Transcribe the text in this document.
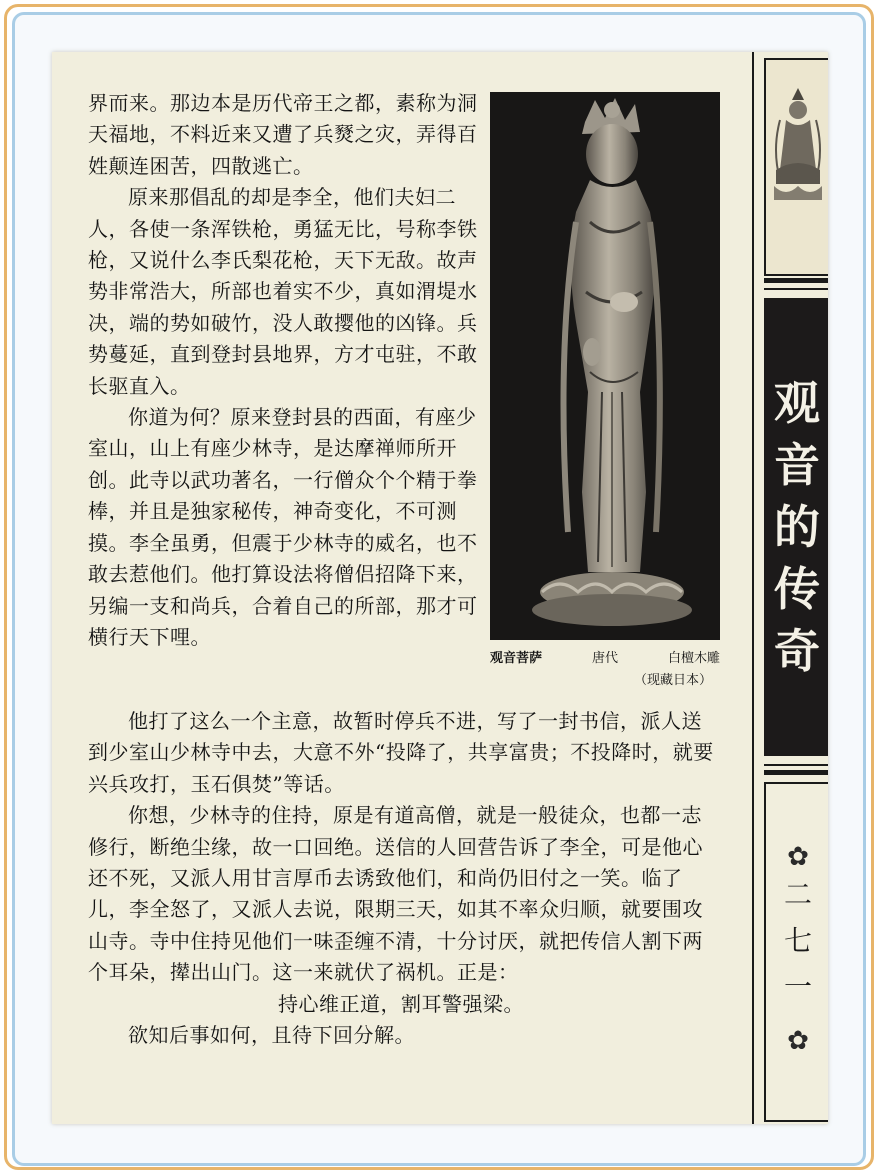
界而来。那边本是历代帝王之都，素称为洞天福地，不料近来又遭了兵燹之灾，弄得百姓颠连困苦，四散逃亡。

原来那倡乱的却是李全，他们夫妇二人，各使一条浑铁枪，勇猛无比，号称李铁枪，又说什么李氏梨花枪，天下无敌。故声势非常浩大，所部也着实不少，真如渭堤水决，端的势如破竹，没人敢撄他的凶锋。兵势蔓延，直到登封县地界，方才屯驻，不敢长驱直入。

你道为何？原来登封县的西面，有座少室山，山上有座少林寺，是达摩禅师所开创。此寺以武功著名，一行僧众个个精于拳棒，并且是独家秘传，神奇变化，不可测摸。李全虽勇，但震于少林寺的威名，也不敢去惹他们。他打算设法将僧侣招降下来，另编一支和尚兵，合着自己的所部，那才可横行天下哩。

观音菩萨	唐代	白檀木雕
（现藏日本）

他打了这么一个主意，故暂时停兵不进，写了一封书信，派人送到少室山少林寺中去，大意不外“投降了，共享富贵；不投降时，就要兴兵攻打，玉石俱焚”等话。

你想，少林寺的住持，原是有道高僧，就是一般徒众，也都一志修行，断绝尘缘，故一口回绝。送信的人回营告诉了李全，可是他心还不死，又派人用甘言厚币去诱致他们，和尚仍旧付之一笑。临了儿，李全怒了，又派人去说，限期三天，如其不率众归顺，就要围攻山寺。寺中住持见他们一味歪缠不清，十分讨厌，就把传信人割下两个耳朵，撵出山门。这一来就伏了祸机。正是：

持心维正道，割耳警强梁。

欲知后事如何，且待下回分解。

观
音
的
传
奇
✿
二
七
一
✿
